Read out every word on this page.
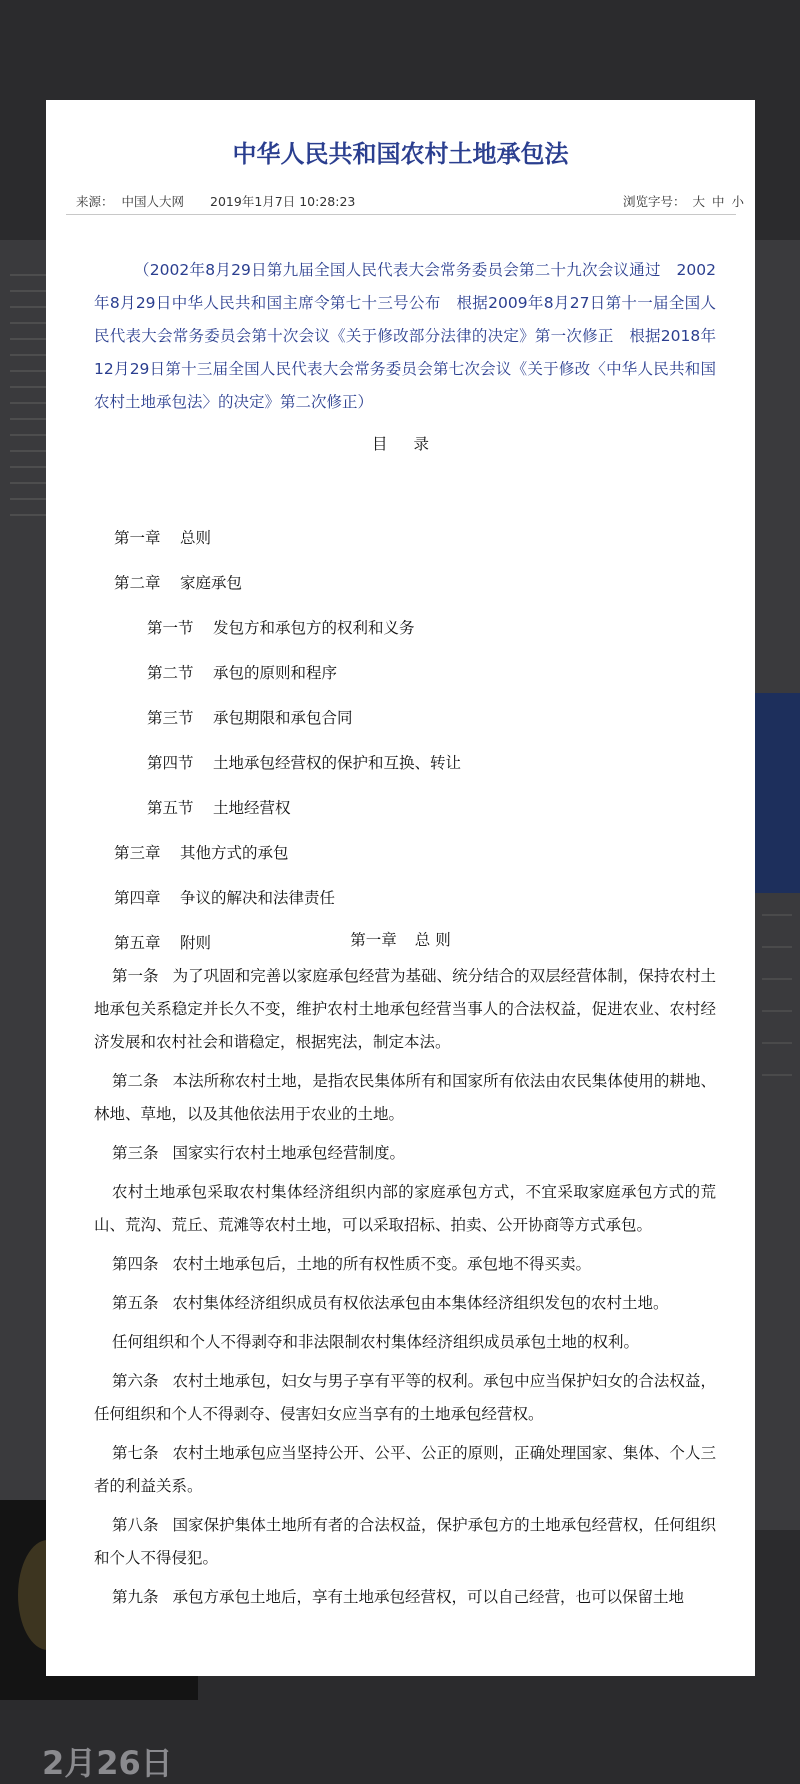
2月26日
中华人民共和国农村土地承包法
来源： 中国人大网 2019年1月7日 10:28:23	浏览字号： 大 中 小
（2002年8月29日第九届全国人民代表大会常务委员会第二十九次会议通过　2002年8月29日中华人民共和国主席令第七十三号公布　根据2009年8月27日第十一届全国人民代表大会常务委员会第十次会议《关于修改部分法律的决定》第一次修正　根据2018年12月29日第十三届全国人民代表大会常务委员会第七次会议《关于修改〈中华人民共和国农村土地承包法〉的决定》第二次修正）
目录
第一章 总则
第二章 家庭承包
第一节 发包方和承包方的权利和义务
第二节 承包的原则和程序
第三节 承包期限和承包合同
第四节 土地承包经营权的保护和互换、转让
第五节 土地经营权
第三章 其他方式的承包
第四章 争议的解决和法律责任
第五章 附则	第一章 总 则

第一条 为了巩固和完善以家庭承包经营为基础、统分结合的双层经营体制，保持农村土地承包关系稳定并长久不变，维护农村土地承包经营当事人的合法权益，促进农业、农村经济发展和农村社会和谐稳定，根据宪法，制定本法。

第二条 本法所称农村土地，是指农民集体所有和国家所有依法由农民集体使用的耕地、林地、草地，以及其他依法用于农业的土地。

第三条 国家实行农村土地承包经营制度。

农村土地承包采取农村集体经济组织内部的家庭承包方式，不宜采取家庭承包方式的荒山、荒沟、荒丘、荒滩等农村土地，可以采取招标、拍卖、公开协商等方式承包。

第四条 农村土地承包后，土地的所有权性质不变。承包地不得买卖。

第五条 农村集体经济组织成员有权依法承包由本集体经济组织发包的农村土地。

任何组织和个人不得剥夺和非法限制农村集体经济组织成员承包土地的权利。

第六条 农村土地承包，妇女与男子享有平等的权利。承包中应当保护妇女的合法权益，任何组织和个人不得剥夺、侵害妇女应当享有的土地承包经营权。

第七条 农村土地承包应当坚持公开、公平、公正的原则，正确处理国家、集体、个人三者的利益关系。

第八条 国家保护集体土地所有者的合法权益，保护承包方的土地承包经营权，任何组织和个人不得侵犯。

第九条 承包方承包土地后，享有土地承包经营权，可以自己经营，也可以保留土地
